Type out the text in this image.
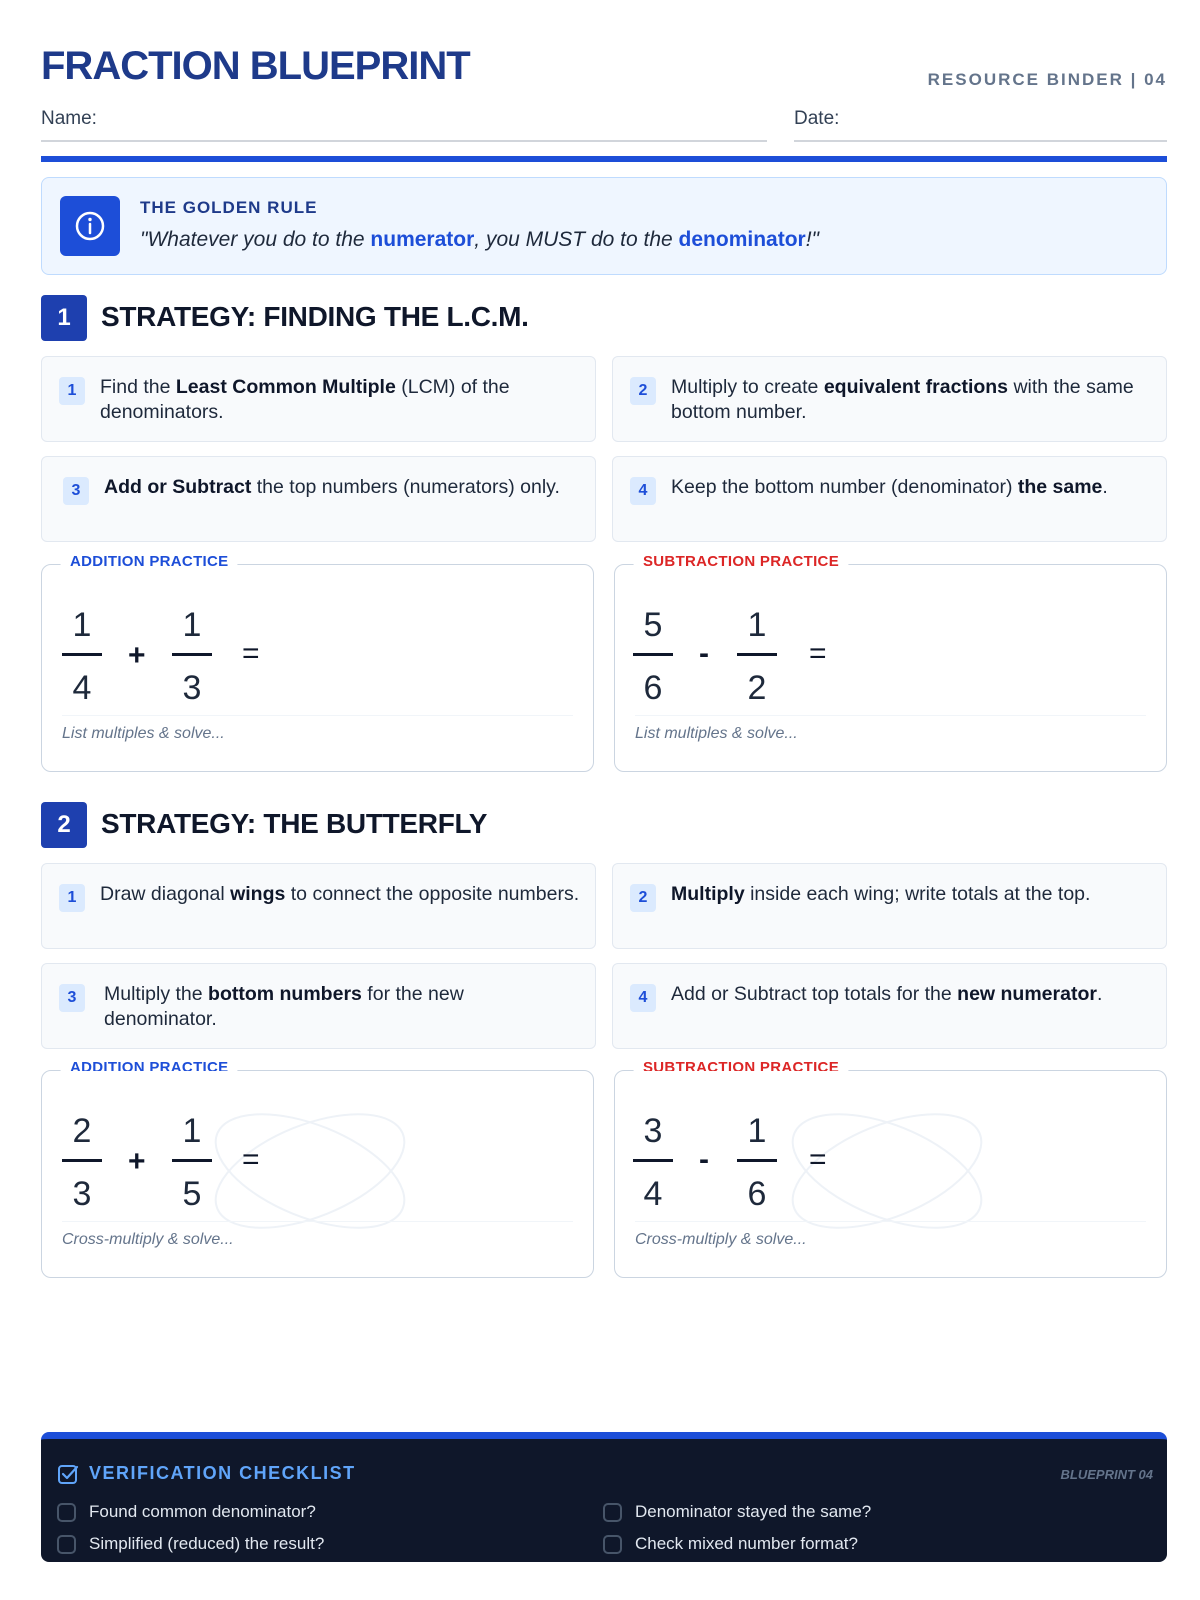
FRACTION BLUEPRINT	RESOURCE BINDER | 04
Name:	Date:
THE GOLDEN RULE
"Whatever you do to the numerator, you MUST do to the denominator!"
1	STRATEGY: FINDING THE L.C.M.
1	Find the Least Common Multiple (LCM) of the denominators.
2	Multiply to create equivalent fractions with the same bottom number.
3	Add or Subtract the top numbers (numerators) only.	4	Keep the bottom number (denominator) the same.
ADDITION PRACTICE
1
4
+
1
3
=
List multiples & solve...
SUBTRACTION PRACTICE
5
6
-
1
2
=
List multiples & solve...
2	STRATEGY: THE BUTTERFLY
1	Draw diagonal wings to connect the opposite numbers.	2	Multiply inside each wing; write totals at the top.
3	Multiply the bottom numbers for the new denominator.
4	Add or Subtract top totals for the new numerator.
ADDITION PRACTICE
2
3
+
1
5
=
Cross-multiply & solve...
SUBTRACTION PRACTICE
3
4
-
1
6
=
Cross-multiply & solve...
VERIFICATION CHECKLIST	BLUEPRINT 04
Found common denominator?	Denominator stayed the same?
Simplified (reduced) the result?	Check mixed number format?
